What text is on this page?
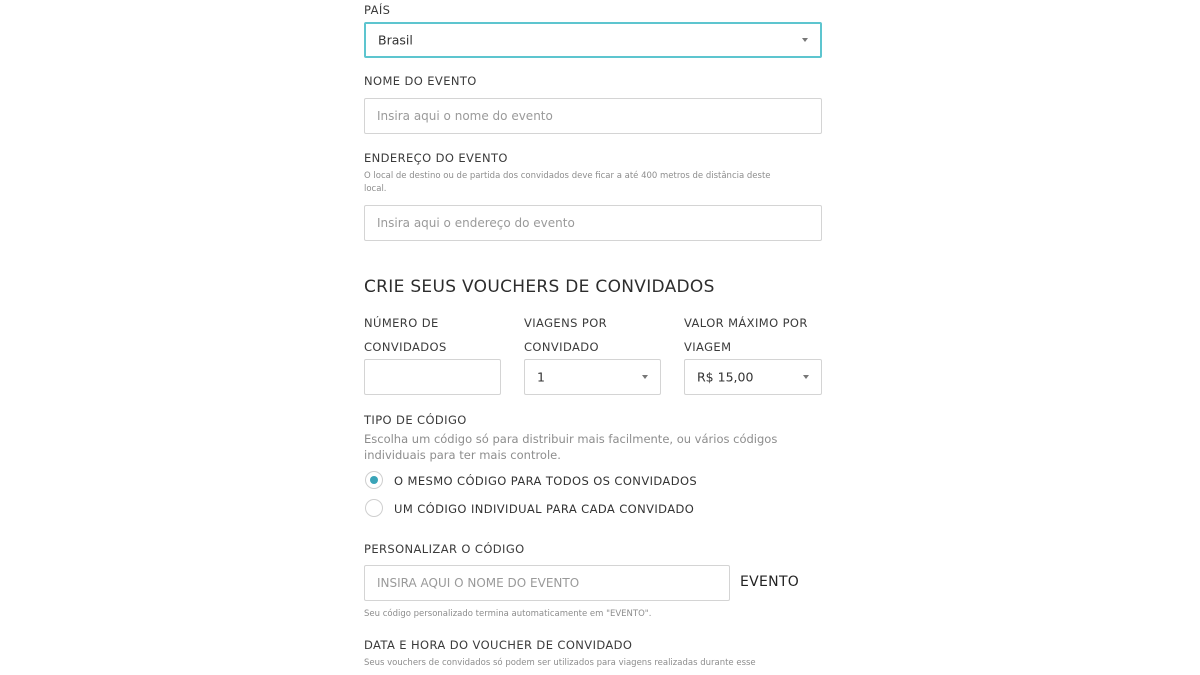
PAÍS
Brasil
NOME DO EVENTO
Insira aqui o nome do evento
ENDEREÇO DO EVENTO
O local de destino ou de partida dos convidados deve ficar a até 400 metros de distância deste
local.
Insira aqui o endereço do evento
CRIE SEUS VOUCHERS DE CONVIDADOS
NÚMERO DE
CONVIDADOS
VIAGENS POR
CONVIDADO
1
VALOR MÁXIMO POR
VIAGEM
R$ 15,00
TIPO DE CÓDIGO
Escolha um código só para distribuir mais facilmente, ou vários códigos
individuais para ter mais controle.
O MESMO CÓDIGO PARA TODOS OS CONVIDADOS
UM CÓDIGO INDIVIDUAL PARA CADA CONVIDADO
PERSONALIZAR O CÓDIGO
INSIRA AQUI O NOME DO EVENTO	EVENTO
Seu código personalizado termina automaticamente em "EVENTO".
DATA E HORA DO VOUCHER DE CONVIDADO
Seus vouchers de convidados só podem ser utilizados para viagens realizadas durante esse
